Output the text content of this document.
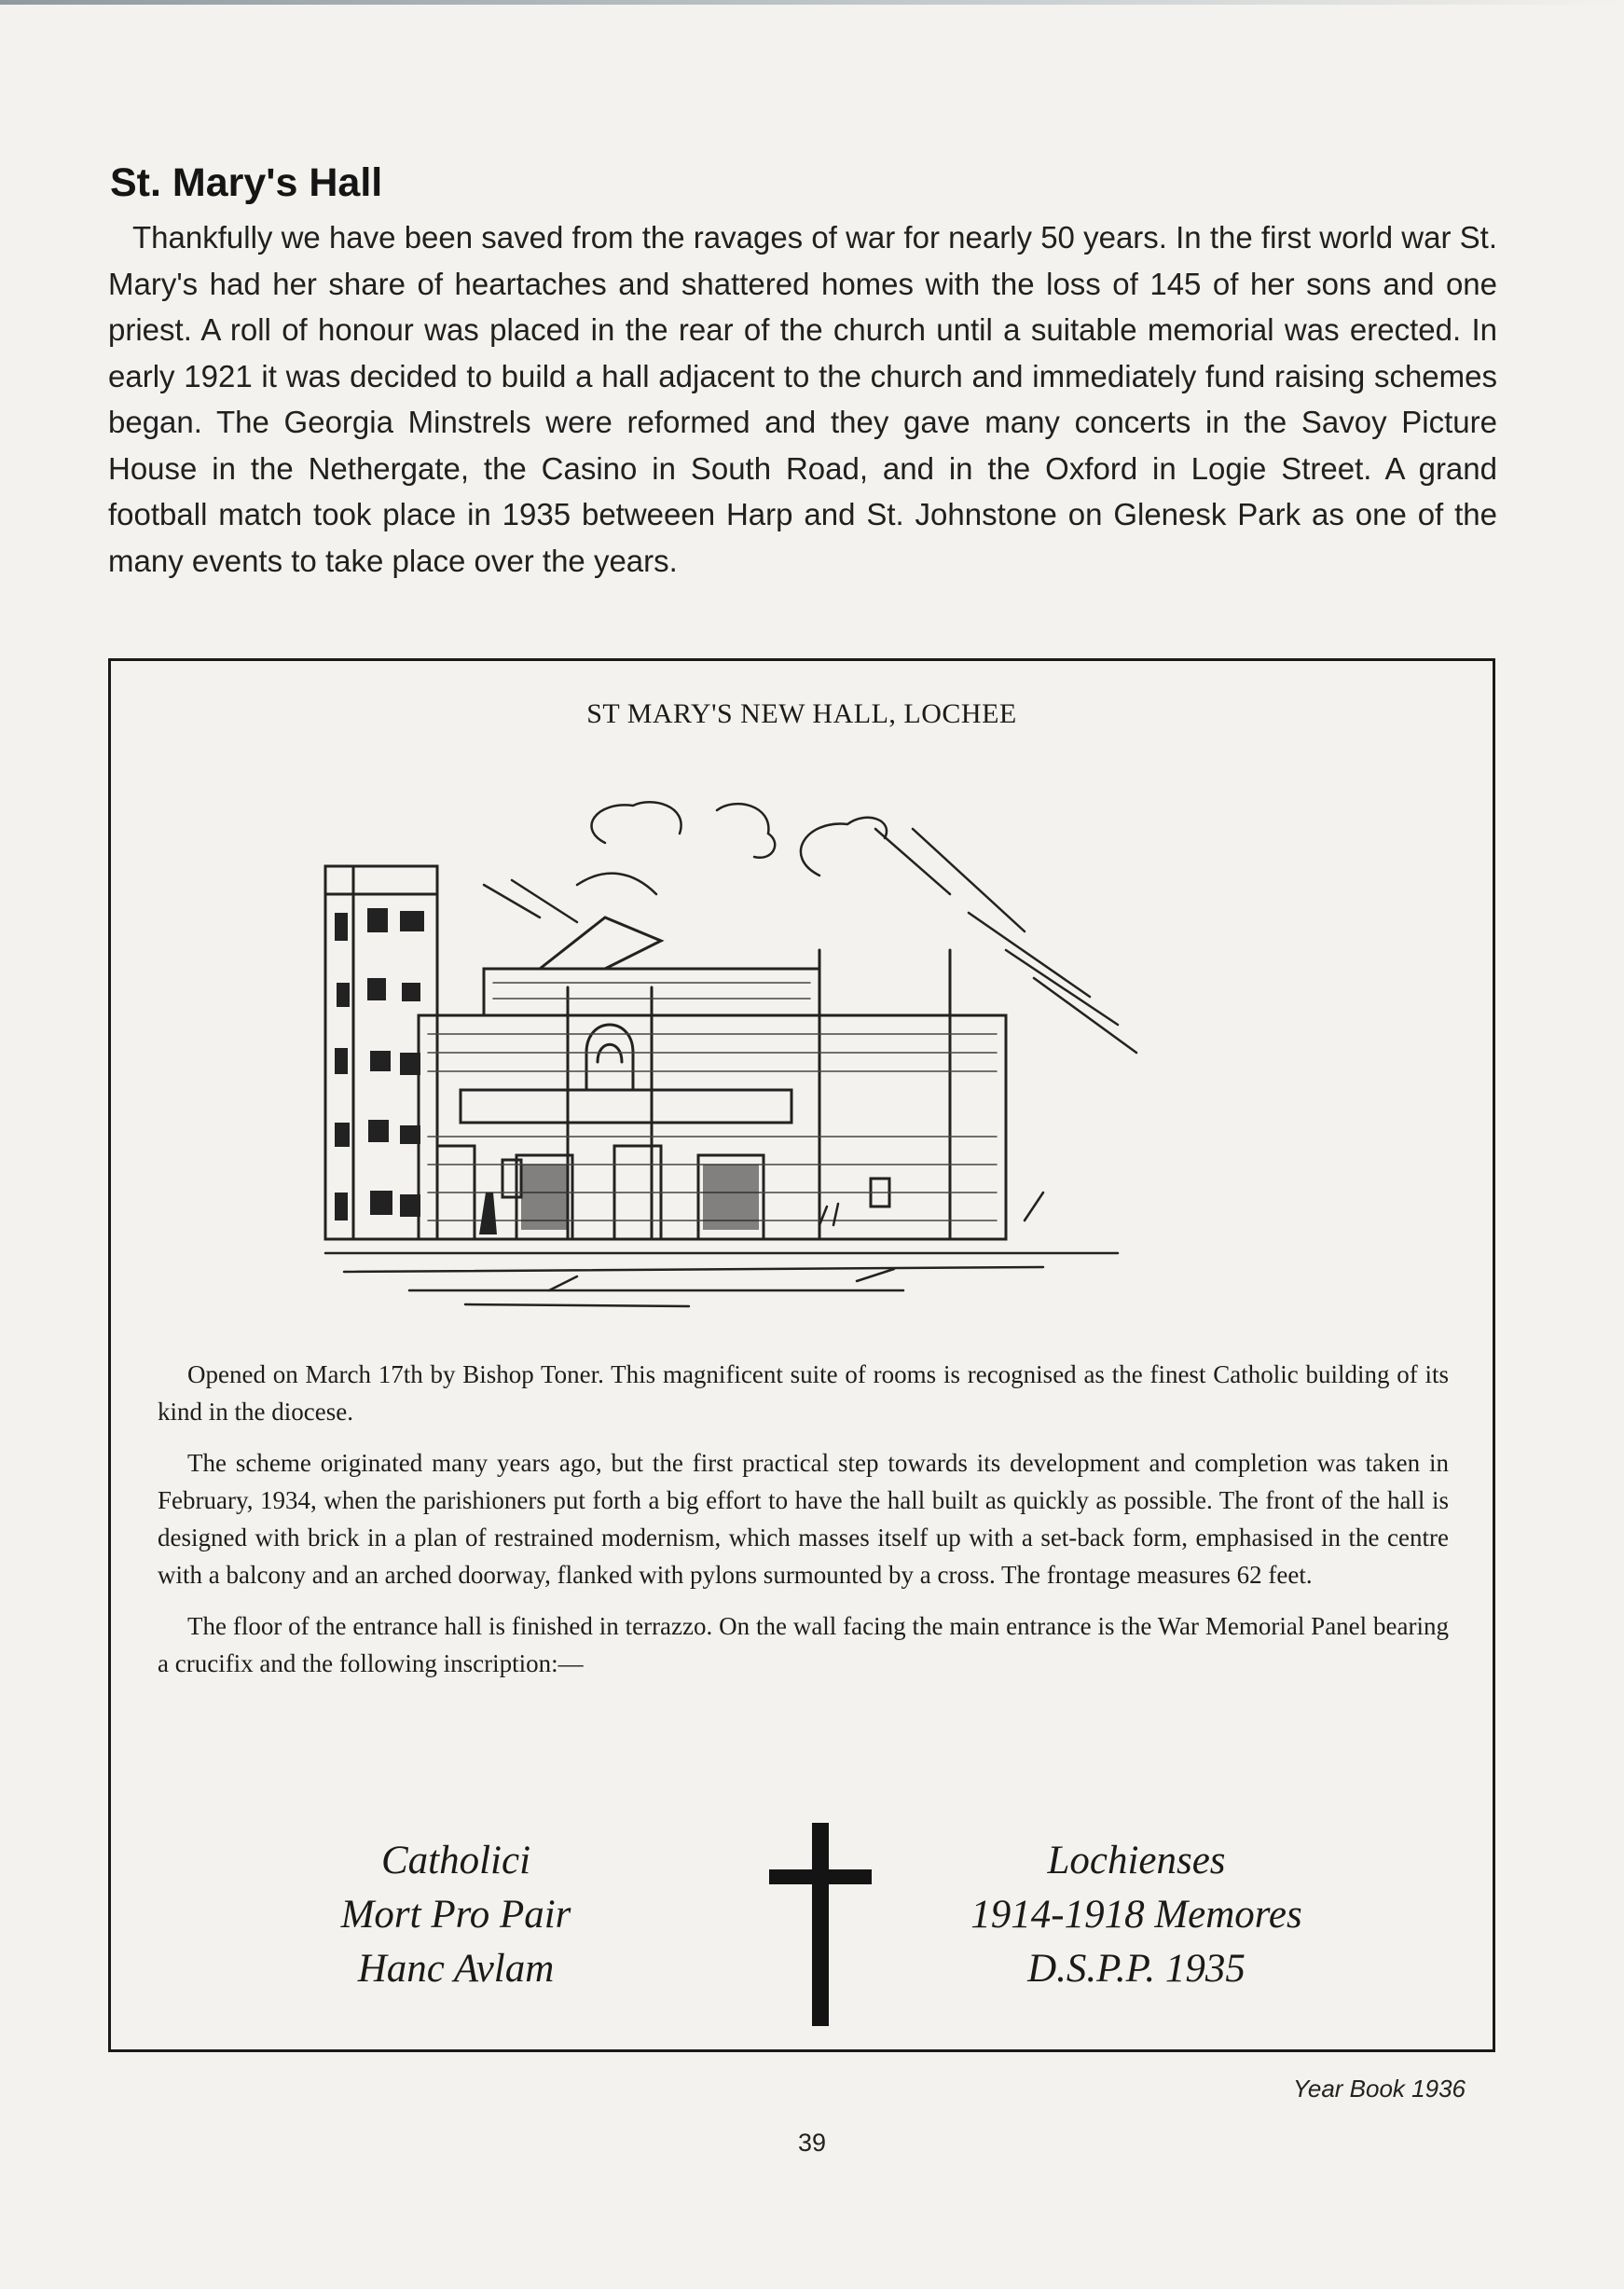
St. Mary's Hall

Thankfully we have been saved from the ravages of war for nearly 50 years. In the first world war St. Mary's had her share of heartaches and shattered homes with the loss of 145 of her sons and one priest. A roll of honour was placed in the rear of the church until a suitable memorial was erected. In early 1921 it was decided to build a hall adjacent to the church and immediately fund raising schemes began. The Georgia Minstrels were reformed and they gave many concerts in the Savoy Picture House in the Nethergate, the Casino in South Road, and in the Oxford in Logie Street. A grand football match took place in 1935 betweeen Harp and St. Johnstone on Glenesk Park as one of the many events to take place over the years.

ST MARY'S NEW HALL, LOCHEE

Opened on March 17th by Bishop Toner. This magnificent suite of rooms is recognised as the finest Catholic building of its kind in the diocese.

The scheme originated many years ago, but the first practical step towards its development and completion was taken in February, 1934, when the parishioners put forth a big effort to have the hall built as quickly as possible. The front of the hall is designed with brick in a plan of restrained modernism, which masses itself up with a set-back form, emphasised in the centre with a balcony and an arched doorway, flanked with pylons surmounted by a cross. The frontage measures 62 feet.

The floor of the entrance hall is finished in terrazzo. On the wall facing the main entrance is the War Memorial Panel bearing a crucifix and the following inscription:—

Catholici
Mort Pro Pair
Hanc Avlam
Lochienses
1914-1918 Memores
D.S.P.P. 1935
Year Book 1936
39
